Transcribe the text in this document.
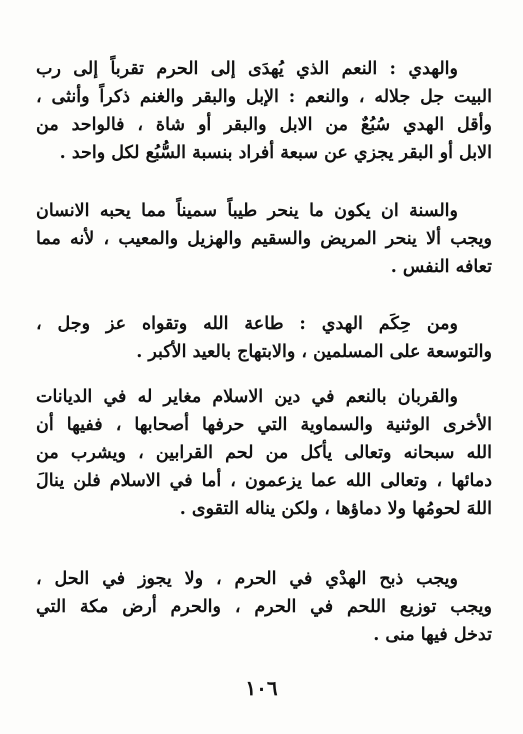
والهدي : النعم الذي يُهدَى إلى الحرم تقرباً إلى رب
البيت جل جلاله ، والنعم : الإبل والبقر والغنم ذكراً وأنثى ،
وأقل الهدي سُبُعٌ من الابل والبقر أو شاة ، فالواحد من
الابل أو البقر يجزي عن سبعة أفراد بنسبة السُّبُع لكل واحد .
والسنة ان يكون ما ينحر طيباً سميناً مما يحبه الانسان
ويجب ألا ينحر المريض والسقيم والهزيل والمعيب ، لأنه مما
تعافه النفس .
ومن حِكَم الهدي : طاعة الله وتقواه عز وجل ،
والتوسعة على المسلمين ، والابتهاج بالعيد الأكبر .
والقربان بالنعم في دين الاسلام مغاير له في الديانات
الأخرى الوثنية والسماوية التي حرفها أصحابها ، ففيها أن
الله سبحانه وتعالى يأكل من لحم القرابين ، ويشرب من
دمائها ، وتعالى الله عما يزعمون ، أما في الاسلام فلن ينالَ
اللهَ لحومُها ولا دماؤها ، ولكن يناله التقوى .
ويجب ذبح الهدْي في الحرم ، ولا يجوز في الحل ،
ويجب توزيع اللحم في الحرم ، والحرم أرض مكة التي
تدخل فيها منى .
١٠٦
